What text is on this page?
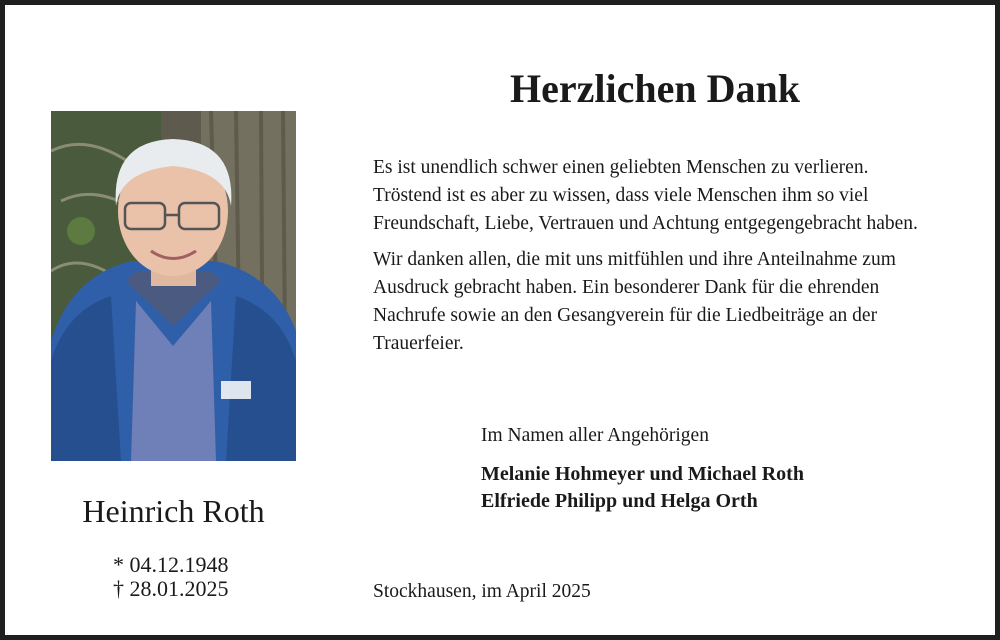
Heinrich Roth
* 04.12.1948
† 28.01.2025
Herzlichen Dank

Es ist unendlich schwer einen geliebten Menschen zu verlieren.
Tröstend ist es aber zu wissen, dass viele Menschen ihm so viel
Freundschaft, Liebe, Vertrauen und Achtung entgegengebracht haben.

Wir danken allen, die mit uns mitfühlen und ihre Anteilnahme zum
Ausdruck gebracht haben. Ein besonderer Dank für die ehrenden
Nachrufe sowie an den Gesangverein für die Liedbeiträge an der
Trauerfeier.

Im Namen aller Angehörigen
Melanie Hohmeyer und Michael Roth
Elfriede Philipp und Helga Orth
Stockhausen, im April 2025
